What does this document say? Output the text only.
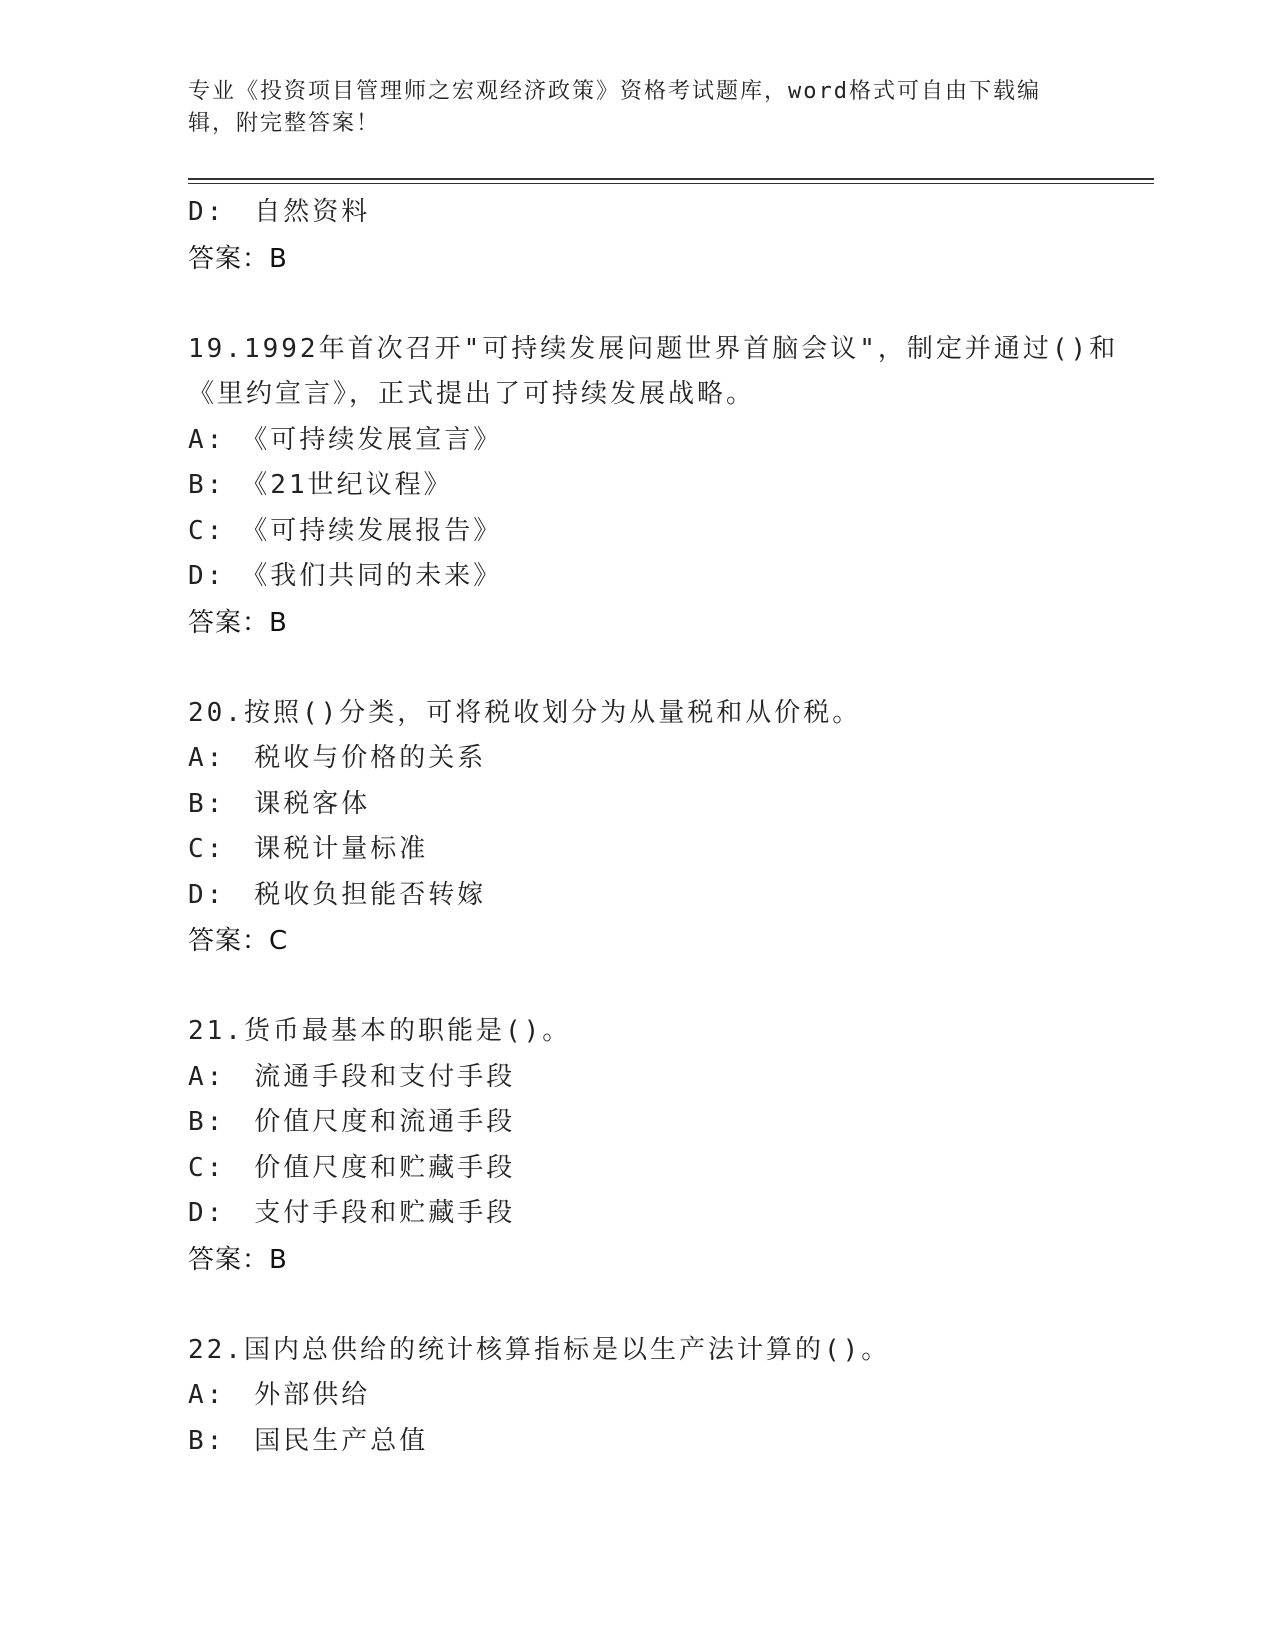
专业《投资项目管理师之宏观经济政策》资格考试题库，word格式可自由下载编
辑，附完整答案！
D:　自然资料
答案：B
19.1992年首次召开"可持续发展问题世界首脑会议"，制定并通过()和
《里约宣言》，正式提出了可持续发展战略。
A:　《可持续发展宣言》
B:　《21世纪议程》
C:　《可持续发展报告》
D:　《我们共同的未来》
答案：B
20.按照()分类，可将税收划分为从量税和从价税。
A:　税收与价格的关系
B:　课税客体
C:　课税计量标准
D:　税收负担能否转嫁
答案：C
21.货币最基本的职能是()。
A:　流通手段和支付手段
B:　价值尺度和流通手段
C:　价值尺度和贮藏手段
D:　支付手段和贮藏手段
答案：B
22.国内总供给的统计核算指标是以生产法计算的()。
A:　外部供给
B:　国民生产总值
